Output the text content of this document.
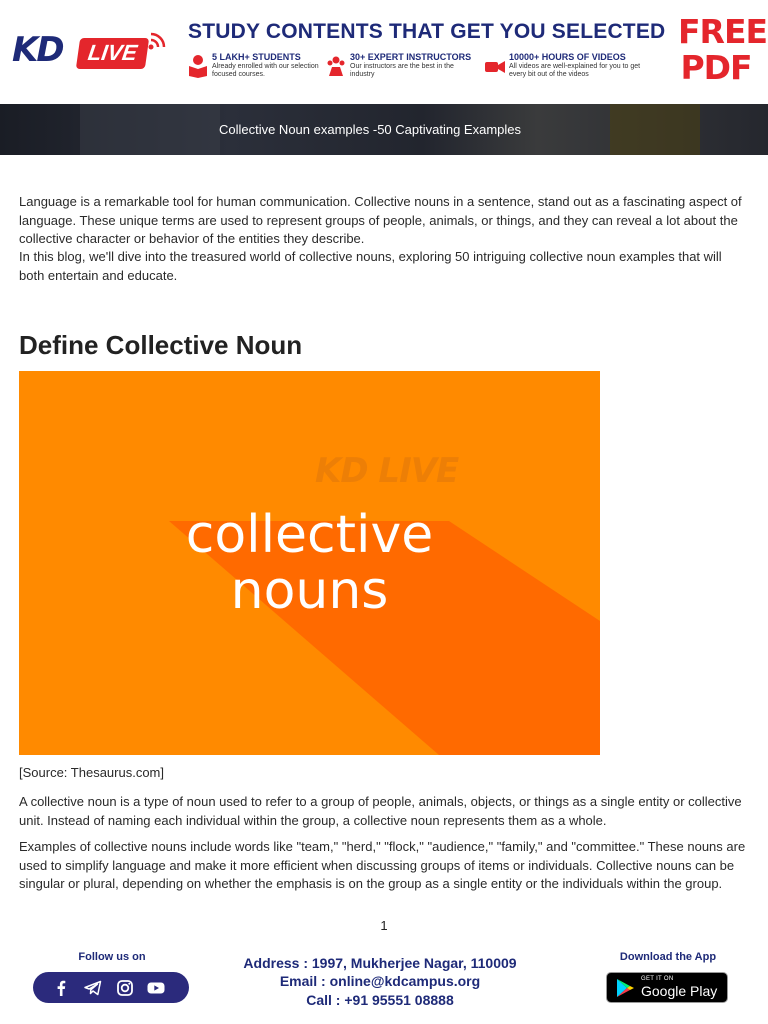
KD	LIVE
STUDY CONTENTS THAT GET YOU SELECTED
5 LAKH+ STUDENTS
Already enrolled with our selection focused courses.
30+ EXPERT INSTRUCTORS
Our instructors are the best in the industry
10000+ HOURS OF VIDEOS
All videos are well-explained for you to get every bit out of the videos
FREE
PDF
Collective Noun examples -50 Captivating Examples

Language is a remarkable tool for human communication. Collective nouns in a sentence, stand out as a fascinating aspect of language. These unique terms are used to represent groups of people, animals, or things, and they can reveal a lot about the collective character or behavior of the entities they describe.

In this blog, we'll dive into the treasured world of collective nouns, exploring 50 intriguing collective noun examples that will both entertain and educate.

Define Collective Noun
KD LIVE
collective
nouns
[Source: Thesaurus.com]

A collective noun is a type of noun used to refer to a group of people, animals, objects, or things as a single entity or collective unit. Instead of naming each individual within the group, a collective noun represents them as a whole.

Examples of collective nouns include words like "team," "herd," "flock," "audience," "family," and "committee." These nouns are used to simplify language and make it more efficient when discussing groups of items or individuals. Collective nouns can be singular or plural, depending on whether the emphasis is on the group as a single entity or the individuals within the group.

1
Follow us on	Address : 1997, Mukherjee Nagar, 110009
Email : online@kdcampus.org
Call : +91 95551 08888
Download the App
GET IT ON
Google Play
